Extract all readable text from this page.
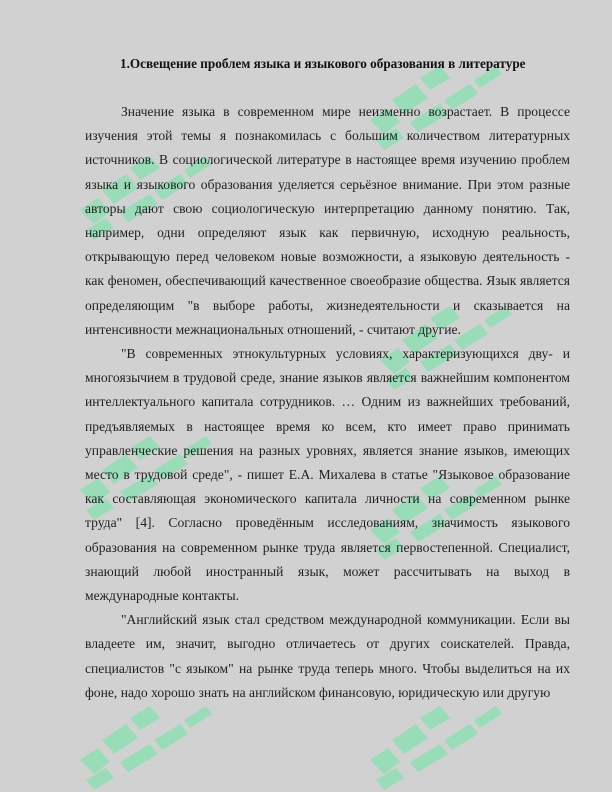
1.Освещение проблем языка и языкового образования в литературе

Значение языка в современном мире неизменно возрастает. В процессе изучения этой темы я познакомилась с большим количеством литературных источников. В социологической литературе в настоящее время изучению проблем языка и языкового образования уделяется серьёзное внимание. При этом разные авторы дают свою социологическую интерпретацию данному понятию. Так, например, одни определяют язык как первичную, исходную реальность, открывающую перед человеком новые возможности, а языковую деятельность - как феномен, обеспечивающий качественное своеобразие общества. Язык является определяющим "в выборе работы, жизнедеятельности и сказывается на интенсивности межнациональных отношений, - считают другие.

"В современных этнокультурных условиях, характеризующихся дву- и многоязычием в трудовой среде, знание языков является важнейшим компонентом интеллектуального капитала сотрудников. … Одним из важнейших требований, предъявляемых в настоящее время ко всем, кто имеет право принимать управленческие решения на разных уровнях, является знание языков, имеющих место в трудовой среде", - пишет Е.А. Михалева в статье "Языковое образование как составляющая экономического капитала личности на современном рынке труда" [4]. Согласно проведённым исследованиям, значимость языкового образования на современном рынке труда является первостепенной. Специалист, знающий любой иностранный язык, может рассчитывать на выход в международные контакты.

"Английский язык стал средством международной коммуникации. Если вы владеете им, значит, выгодно отличаетесь от других соискателей. Правда, специалистов "с языком" на рынке труда теперь много. Чтобы выделиться на их фоне, надо хорошо знать на английском финансовую, юридическую или другую
